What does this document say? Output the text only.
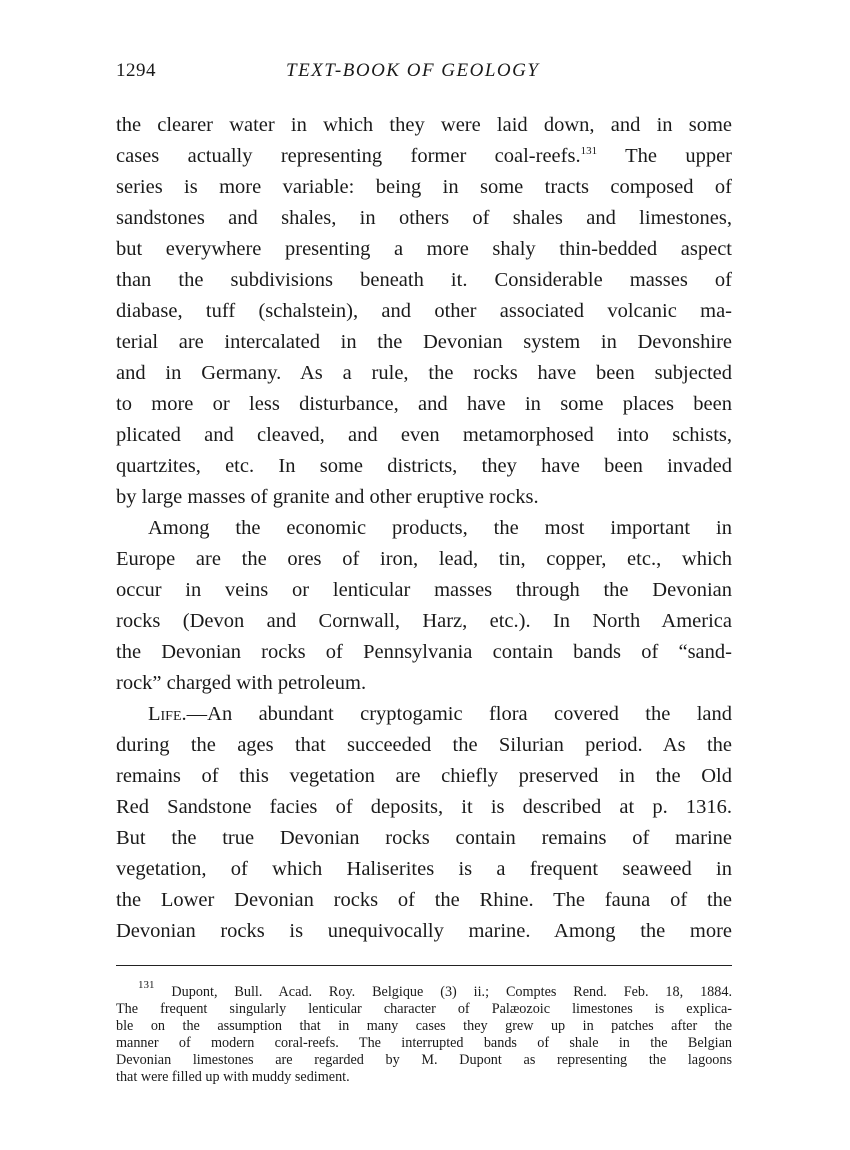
1294	TEXT-BOOK OF GEOLOGY

the clearer water in which they were laid down, and in some
cases actually representing former coal-reefs.$^{131}$ The upper
series is more variable: being in some tracts composed of
sandstones and shales, in others of shales and limestones,
but everywhere presenting a more shaly thin-bedded aspect
than the subdivisions beneath it. Considerable masses of
diabase, tuff (schalstein), and other associated volcanic ma-
terial are intercalated in the Devonian system in Devonshire
and in Germany. As a rule, the rocks have been subjected
to more or less disturbance, and have in some places been
plicated and cleaved, and even metamorphosed into schists,
quartzites, etc. In some districts, they have been invaded
by large masses of granite and other eruptive rocks.

Among the economic products, the most important in
Europe are the ores of iron, lead, tin, copper, etc., which
occur in veins or lenticular masses through the Devonian
rocks (Devon and Cornwall, Harz, etc.). In North America
the Devonian rocks of Pennsylvania contain bands of “sand-
rock” charged with petroleum.

Life.—An abundant cryptogamic flora covered the land
during the ages that succeeded the Silurian period. As the
remains of this vegetation are chiefly preserved in the Old
Red Sandstone facies of deposits, it is described at p. 1316.
But the true Devonian rocks contain remains of marine
vegetation, of which Haliserites is a frequent seaweed in
the Lower Devonian rocks of the Rhine. The fauna of the
Devonian rocks is unequivocally marine. Among the more

$^{131}$ Dupont, Bull. Acad. Roy. Belgique (3) ii.; Comptes Rend. Feb. 18, 1884.
The frequent singularly lenticular character of Palæozoic limestones is explica-
ble on the assumption that in many cases they grew up in patches after the
manner of modern coral-reefs. The interrupted bands of shale in the Belgian
Devonian limestones are regarded by M. Dupont as representing the lagoons
that were filled up with muddy sediment.
